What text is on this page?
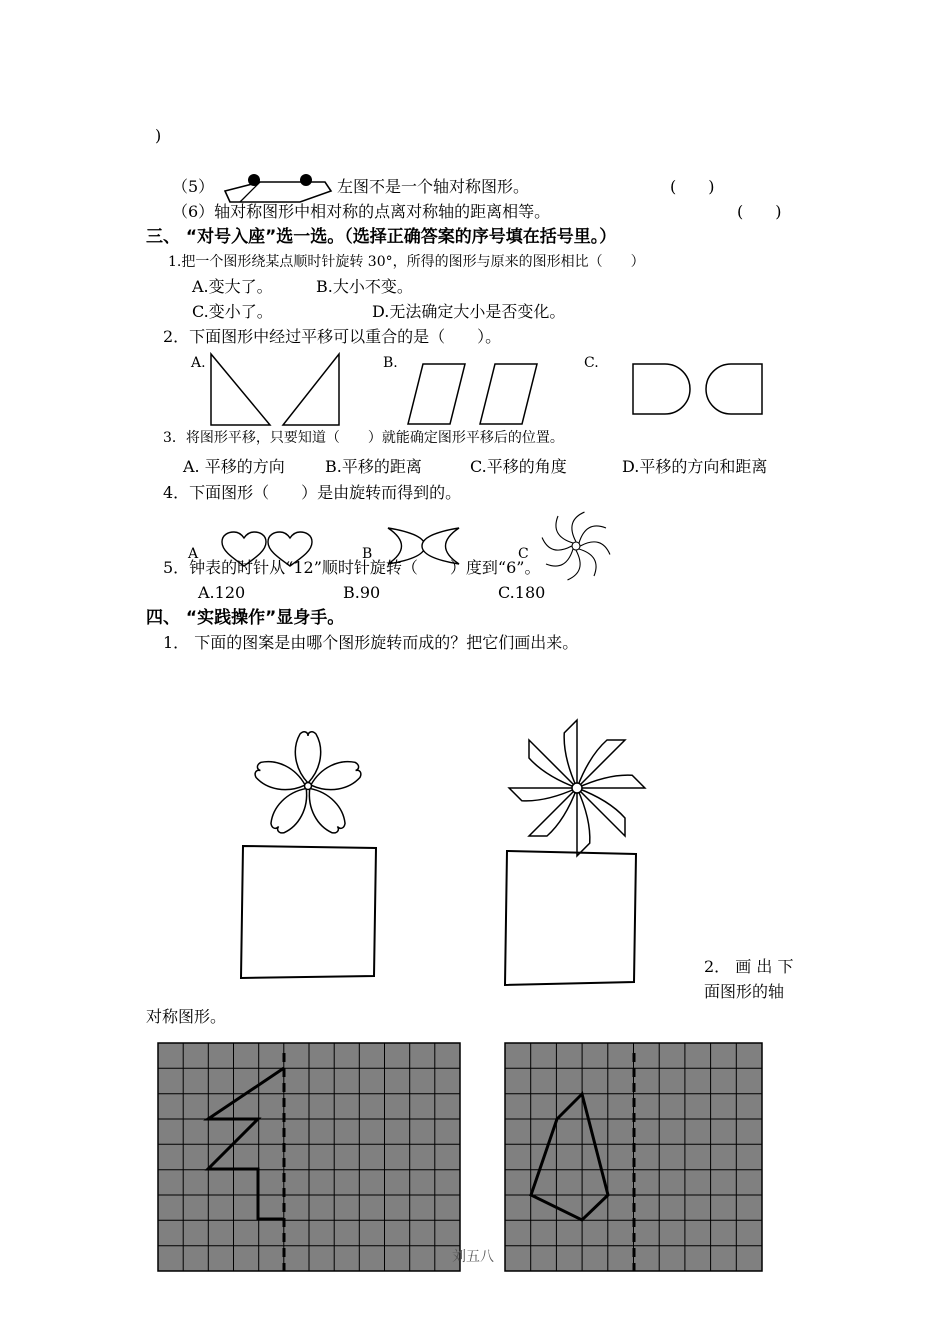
)
（5）	左图不是一个轴对称图形。	(　　)
（6）轴对称图形中相对称的点离对称轴的距离相等。	(　　)
三、 “对号入座”选一选。（选择正确答案的序号填在括号里。）
1.把一个图形绕某点顺时针旋转 30°，所得的图形与原来的图形相比（　　）
A.变大了。	B.大小不变。
C.变小了。	D.无法确定大小是否变化。
2．下面图形中经过平移可以重合的是（　　）。
A.	B.	C.
3．将图形平移，只要知道（　　）就能确定图形平移后的位置。
A. 平移的方向	B.平移的距离	C.平移的角度	D.平移的方向和距离
4．下面图形（　　）是由旋转而得到的。
A	B	C
5．钟表的时针从“12”顺时针旋转（　　）度到“6”。
A.120	B.90	C.180
四、 “实践操作”显身手。
1． 下面的图案是由哪个图形旋转而成的？把它们画出来。
2． 画 出 下
面图形的轴
对称图形。
刘五八
